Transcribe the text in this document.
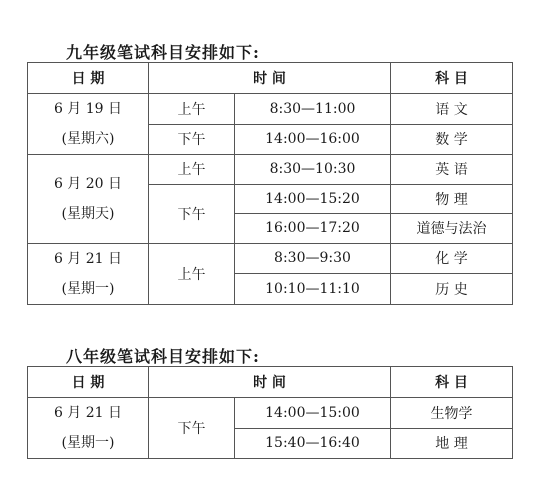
九年级笔试科目安排如下:
日 期	时 间		科 目

6 月 19 日
(星期六)	上午	8:30—11:00	语 文
	下午	14:00—16:00	数 学

6 月 20 日
(星期天)	上午	8:30—10:30	英 语
	下午	14:00—15:20	物 理
		16:00—17:20	道德与法治

6 月 21 日
(星期一)	上午	8:30—9:30	化 学
		10:10—11:10	历 史
八年级笔试科目安排如下:
日 期	时 间		科 目

6 月 21 日
(星期一)	下午	14:00—15:00	生物学
		15:40—16:40	地 理
